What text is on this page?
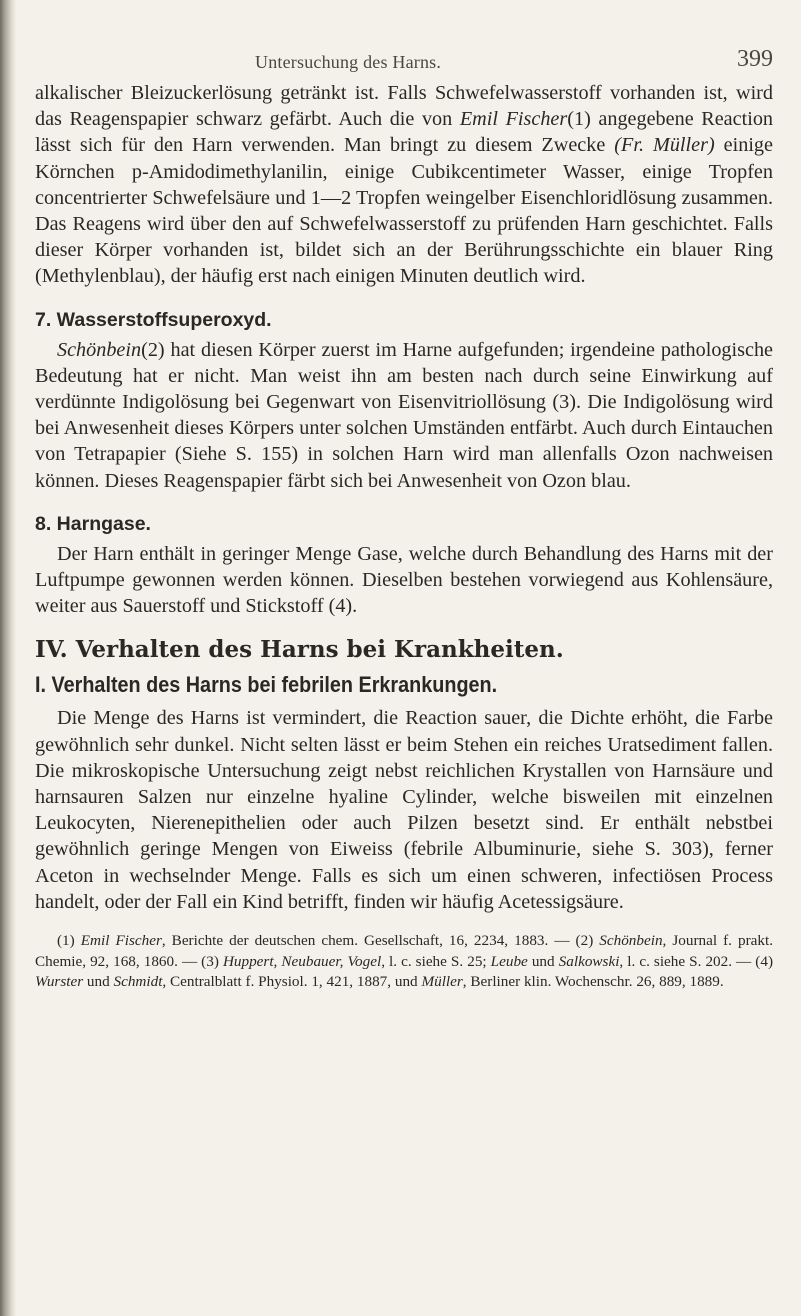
Untersuchung des Harns.	399

alkalischer Bleizuckerlösung getränkt ist. Falls Schwefelwasserstoff vorhanden ist, wird das Reagenspapier schwarz gefärbt. Auch die von Emil Fischer(1) angegebene Reaction lässt sich für den Harn verwenden. Man bringt zu diesem Zwecke (Fr. Müller) einige Körnchen p-Amidodimethylanilin, einige Cubikcentimeter Wasser, einige Tropfen concentrierter Schwefelsäure und 1—2 Tropfen weingelber Eisenchloridlösung zusammen. Das Reagens wird über den auf Schwefelwasserstoff zu prüfenden Harn geschichtet. Falls dieser Körper vorhanden ist, bildet sich an der Berührungsschichte ein blauer Ring (Methylenblau), der häufig erst nach einigen Minuten deutlich wird.

7. Wasserstoffsuperoxyd.

Schönbein(2) hat diesen Körper zuerst im Harne aufgefunden; irgendeine pathologische Bedeutung hat er nicht. Man weist ihn am besten nach durch seine Einwirkung auf verdünnte Indigolösung bei Gegenwart von Eisenvitriollösung (3). Die Indigolösung wird bei Anwesenheit dieses Körpers unter solchen Umständen entfärbt. Auch durch Eintauchen von Tetrapapier (Siehe S. 155) in solchen Harn wird man allenfalls Ozon nachweisen können. Dieses Reagenspapier färbt sich bei Anwesenheit von Ozon blau.

8. Harngase.

Der Harn enthält in geringer Menge Gase, welche durch Behandlung des Harns mit der Luftpumpe gewonnen werden können. Dieselben bestehen vorwiegend aus Kohlensäure, weiter aus Sauerstoff und Stickstoff (4).

IV. Verhalten des Harns bei Krankheiten.
I. Verhalten des Harns bei febrilen Erkrankungen.

Die Menge des Harns ist vermindert, die Reaction sauer, die Dichte erhöht, die Farbe gewöhnlich sehr dunkel. Nicht selten lässt er beim Stehen ein reiches Uratsediment fallen. Die mikroskopische Untersuchung zeigt nebst reichlichen Krystallen von Harnsäure und harnsauren Salzen nur einzelne hyaline Cylinder, welche bisweilen mit einzelnen Leukocyten, Nierenepithelien oder auch Pilzen besetzt sind. Er enthält nebstbei gewöhnlich geringe Mengen von Eiweiss (febrile Albuminurie, siehe S. 303), ferner Aceton in wechselnder Menge. Falls es sich um einen schweren, infectiösen Process handelt, oder der Fall ein Kind betrifft, finden wir häufig Acetessigsäure.

(1) Emil Fischer, Berichte der deutschen chem. Gesellschaft, 16, 2234, 1883. — (2) Schönbein, Journal f. prakt. Chemie, 92, 168, 1860. — (3) Huppert, Neubauer, Vogel, l. c. siehe S. 25; Leube und Salkowski, l. c. siehe S. 202. — (4) Wurster und Schmidt, Centralblatt f. Physiol. 1, 421, 1887, und Müller, Berliner klin. Wochenschr. 26, 889, 1889.
